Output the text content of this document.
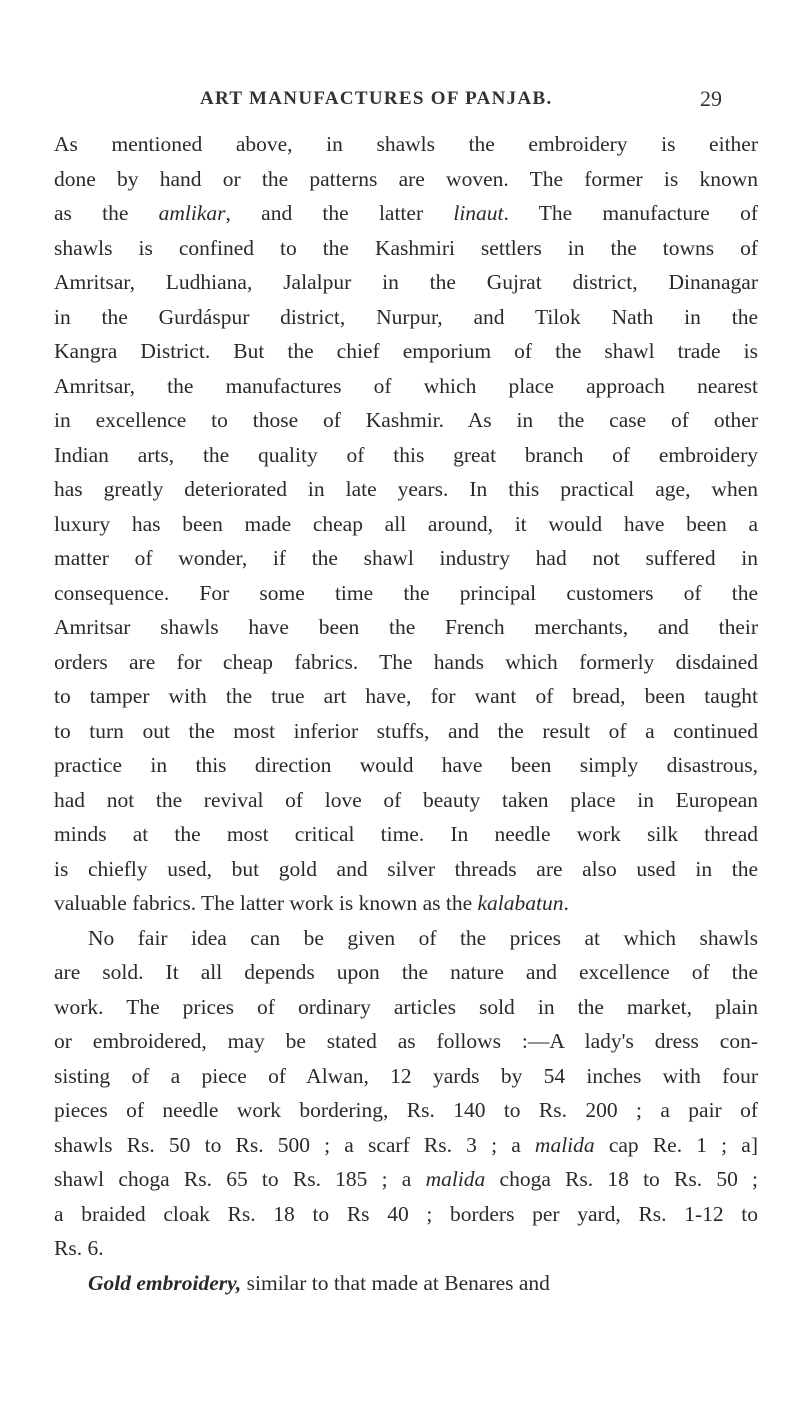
ART MANUFACTURES OF PANJAB.	29
As mentioned above, in shawls the embroidery is either
done by hand or the patterns are woven. The former is known
as the amlikar, and the latter linaut. The manufacture of
shawls is confined to the Kashmiri settlers in the towns of
Amritsar, Ludhiana, Jalalpur in the Gujrat district, Dinanagar
in the Gurdáspur district, Nurpur, and Tilok Nath in the
Kangra District. But the chief emporium of the shawl trade is
Amritsar, the manufactures of which place approach nearest
in excellence to those of Kashmir. As in the case of other
Indian arts, the quality of this great branch of embroidery
has greatly deteriorated in late years. In this practical age, when
luxury has been made cheap all around, it would have been a
matter of wonder, if the shawl industry had not suffered in
consequence. For some time the principal customers of the
Amritsar shawls have been the French merchants, and their
orders are for cheap fabrics. The hands which formerly disdained
to tamper with the true art have, for want of bread, been taught
to turn out the most inferior stuffs, and the result of a continued
practice in this direction would have been simply disastrous,
had not the revival of love of beauty taken place in European
minds at the most critical time. In needle work silk thread
is chiefly used, but gold and silver threads are also used in the
valuable fabrics. The latter work is known as the kalabatun.
No fair idea can be given of the prices at which shawls
are sold. It all depends upon the nature and excellence of the
work. The prices of ordinary articles sold in the market, plain
or embroidered, may be stated as follows :—A lady's dress con-
sisting of a piece of Alwan, 12 yards by 54 inches with four
pieces of needle work bordering, Rs. 140 to Rs. 200 ; a pair of
shawls Rs. 50 to Rs. 500 ; a scarf Rs. 3 ; a malida cap Re. 1 ; a]
shawl choga Rs. 65 to Rs. 185 ; a malida choga Rs. 18 to Rs. 50 ;
a braided cloak Rs. 18 to Rs 40 ; borders per yard, Rs. 1-12 to
Rs. 6.
Gold embroidery, similar to that made at Benares and
